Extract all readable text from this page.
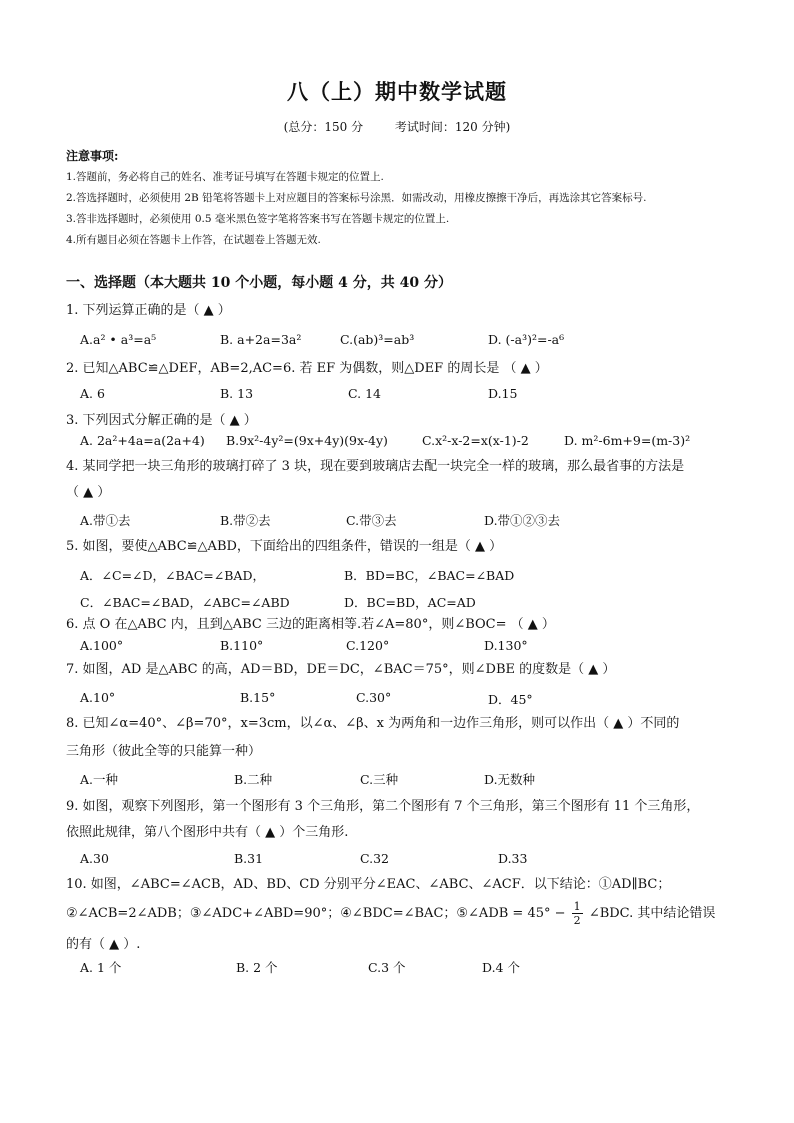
八（上）期中数学试题
(总分：150 分	考试时间：120 分钟)
注意事项:
1.答题前，务必将自己的姓名、准考证号填写在答题卡规定的位置上.
2.答选择题时，必须使用 2B 铅笔将答题卡上对应题目的答案标号涂黑．如需改动，用橡皮擦擦干净后，再选涂其它答案标号.
3.答非选择题时，必须使用 0.5 毫米黑色签字笔将答案书写在答题卡规定的位置上.
4.所有题目必须在答题卡上作答，在试题卷上答题无效.
一、选择题（本大题共 10 个小题，每小题 4 分，共 40 分）
1. 下列运算正确的是（ ▲ ）
A.a² • a³=a⁵	B. a+2a=3a²	C.(ab)³=ab³	D. (-a³)²=-a⁶
2. 已知△ABC≌△DEF，AB=2,AC=6. 若 EF 为偶数，则△DEF 的周长是 （ ▲ ）
A. 6	B. 13	C. 14	D.15
3. 下列因式分解正确的是（ ▲ ）
A. 2a²+4a=a(2a+4) B.9x²-4y²=(9x+4y)(9x-4y)	C.x²-x-2=x(x-1)-2	D. m²-6m+9=(m-3)²
4. 某同学把一块三角形的玻璃打碎了 3 块，现在要到玻璃店去配一块完全一样的玻璃，那么最省事的方法是
（ ▲ ）
A.带①去	B.带②去	C.带③去	D.带①②③去
5. 如图，要使△ABC≌△ABD，下面给出的四组条件，错误的一组是（ ▲ ）
A．∠C=∠D，∠BAC=∠BAD，	B．BD=BC，∠BAC=∠BAD
C．∠BAC=∠BAD，∠ABC=∠ABD	D．BC=BD，AC=AD
6. 点 O 在△ABC 内，且到△ABC 三边的距离相等.若∠A=80°，则∠BOC= （ ▲ ）
A.100°	B.110°	C.120°	D.130°
7. 如图，AD 是△ABC 的高，AD＝BD，DE＝DC，∠BAC＝75°，则∠DBE 的度数是（ ▲ ）
A.10°	B.15°	C.30°	D．45°
8. 已知∠α=40°、∠β=70°，x=3cm，以∠α、∠β、x 为两角和一边作三角形，则可以作出（ ▲ ）不同的
三角形（彼此全等的只能算一种）
A.一种	B.二种	C.三种	D.无数种
9. 如图，观察下列图形，第一个图形有 3 个三角形，第二个图形有 7 个三角形，第三个图形有 11 个三角形，
依照此规律，第八个图形中共有（ ▲ ）个三角形.
A.30	B.31	C.32	D.33
10. 如图，∠ABC=∠ACB，AD、BD、CD 分别平分∠EAC、∠ABC、∠ACF．以下结论：①AD∥BC；
②∠ACB=2∠ADB；③∠ADC+∠ABD=90°；④∠BDC=∠BAC；⑤∠ADB = $45^\circ - \frac{1}{2}$ ∠BDC. 其中结论错误
的有（ ▲ ）.
A. 1 个	B. 2 个	C.3 个	D.4 个
